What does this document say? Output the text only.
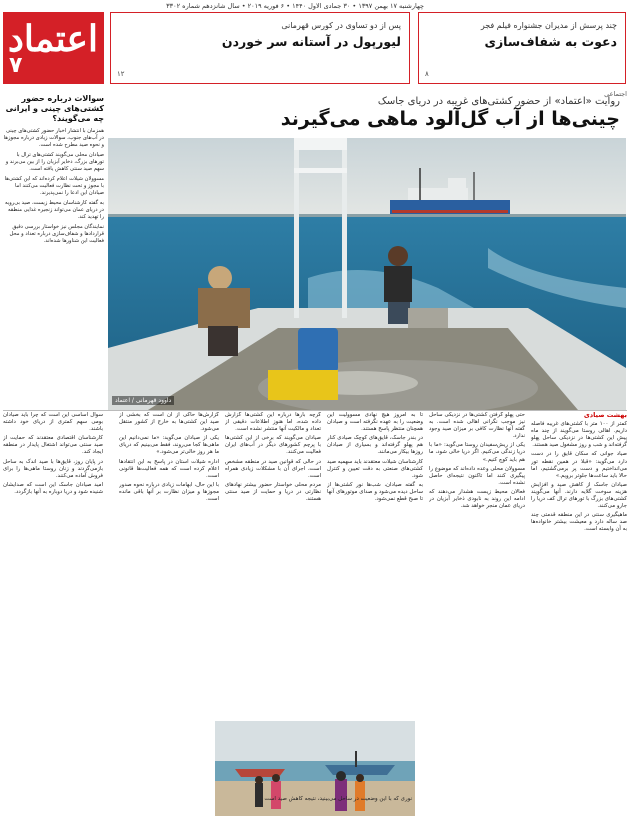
چهارشنبه ۱۷ بهمن ۱۳۹۷ • ۳۰ جمادی الاول ۱۴۴۰ • ۶ فوریه ۲۰۱۹ • سال شانزدهم شماره ۳۳۰۲
اعتماد
۷
پس از دو تساوی در کورس قهرمانی
لیورپول در آستانه سر خوردن
۱۲
چند پرسش از مدیران جشنواره فیلم فجر
دعوت به شفاف‌سازی
۸
اجتماعی
روایت «اعتماد» از حضور کشتی‌های غریبه در دریای جاسک
چینی‌ها از آب گل‌آلود ماهی می‌گیرند
سوالات درباره حضور کشتی‌های چینی و ایرانی چه می‌گویند؟

همزمان با انتشار اخبار حضور کشتی‌های چینی در آب‌های جنوب، سوالات زیادی درباره مجوزها و نحوه صید مطرح شده است.

صیادان محلی می‌گویند کشتی‌های ترال با تورهای بزرگ، ذخایر آبزیان را از بین می‌برند و سهم صید سنتی کاهش یافته است.

مسوولان شیلات اعلام کرده‌اند که این کشتی‌ها با مجوز و تحت نظارت فعالیت می‌کنند اما صیادان این ادعا را نمی‌پذیرند.

به گفته کارشناسان محیط زیست، صید بی‌رویه در دریای عمان می‌تواند زنجیره غذایی منطقه را تهدید کند.

نمایندگان مجلس نیز خواستار بررسی دقیق قراردادها و شفاف‌سازی درباره تعداد و محل فعالیت این شناورها شده‌اند.

داوود قهرمانی / اعتماد
بهشت صیادی

کمتر از ۱۰۰ متر با کشتی‌های غریبه فاصله داریم. اهالی روستا می‌گویند از چند ماه پیش این کشتی‌ها در نزدیکی ساحل پهلو گرفته‌اند و شب و روز مشغول صید هستند.

صیاد جوانی که سکان قایق را در دست دارد می‌گوید: «قبلا در همین نقطه تور می‌انداختیم و دست پر برمی‌گشتیم، اما حالا باید ساعت‌ها جلوتر برویم.»

صیادان جاسک از کاهش صید و افزایش هزینه سوخت گلایه دارند. آنها می‌گویند کشتی‌های بزرگ با تورهای ترال کف دریا را جارو می‌کنند.

ماهیگیری سنتی در این منطقه قدمتی چند صد ساله دارد و معیشت بیشتر خانواده‌ها به آن وابسته است.

حتی پهلو گرفتن کشتی‌ها در نزدیکی ساحل نیز موجب نگرانی اهالی شده است. به گفته آنها نظارت کافی بر میزان صید وجود ندارد.

یکی از ریش‌سفیدان روستا می‌گوید: «ما با دریا زندگی می‌کنیم. اگر دریا خالی شود، ما هم باید کوچ کنیم.»

مسوولان محلی وعده داده‌اند که موضوع را پیگیری کنند اما تاکنون نتیجه‌ای حاصل نشده است.

فعالان محیط زیست هشدار می‌دهند که ادامه این روند به نابودی ذخایر آبزیان در دریای عمان منجر خواهد شد.

تا به امروز هیچ نهادی مسوولیت این وضعیت را به عهده نگرفته است و صیادان همچنان منتظر پاسخ هستند.

در بندر جاسک، قایق‌های کوچک صیادی کنار هم پهلو گرفته‌اند و بسیاری از صیادان روزها بیکار می‌مانند.

کارشناسان شیلات معتقدند باید سهمیه صید کشتی‌های صنعتی به دقت تعیین و کنترل شود.

به گفته صیادان، شب‌ها نور کشتی‌ها از ساحل دیده می‌شود و صدای موتورهای آنها تا صبح قطع نمی‌شود.

گرچه بارها درباره این کشتی‌ها گزارش داده شده، اما هنوز اطلاعات دقیقی از تعداد و مالکیت آنها منتشر نشده است.

صیادان می‌گویند که برخی از این کشتی‌ها با پرچم کشورهای دیگر در آب‌های ایران فعالیت می‌کنند.

در حالی که قوانین صید در منطقه مشخص است، اجرای آن با مشکلات زیادی همراه است.

مردم محلی خواستار حضور بیشتر نهادهای نظارتی در دریا و حمایت از صید سنتی هستند.

گزارش‌ها حاکی از آن است که بخشی از صید این کشتی‌ها به خارج از کشور منتقل می‌شود.

یکی از صیادان می‌گوید: «ما نمی‌دانیم این ماهی‌ها کجا می‌روند، فقط می‌بینیم که دریای ما هر روز خالی‌تر می‌شود.»

اداره شیلات استان در پاسخ به این انتقادها اعلام کرده است که همه فعالیت‌ها قانونی است.

با این حال، ابهامات زیادی درباره نحوه صدور مجوزها و میزان نظارت بر آنها باقی مانده است.

سوال اساسی این است که چرا باید صیادان بومی سهم کمتری از دریای خود داشته باشند.

کارشناسان اقتصادی معتقدند که حمایت از صید سنتی می‌تواند اشتغال پایدار در منطقه ایجاد کند.

در پایان روز، قایق‌ها با صید اندک به ساحل بازمی‌گردند و زنان روستا ماهی‌ها را برای فروش آماده می‌کنند.

امید صیادان جاسک این است که صدایشان شنیده شود و دریا دوباره به آنها بازگردد.

نوری که با این وضعیت در ساحل می‌بینید، نتیجه کاهش صید است
